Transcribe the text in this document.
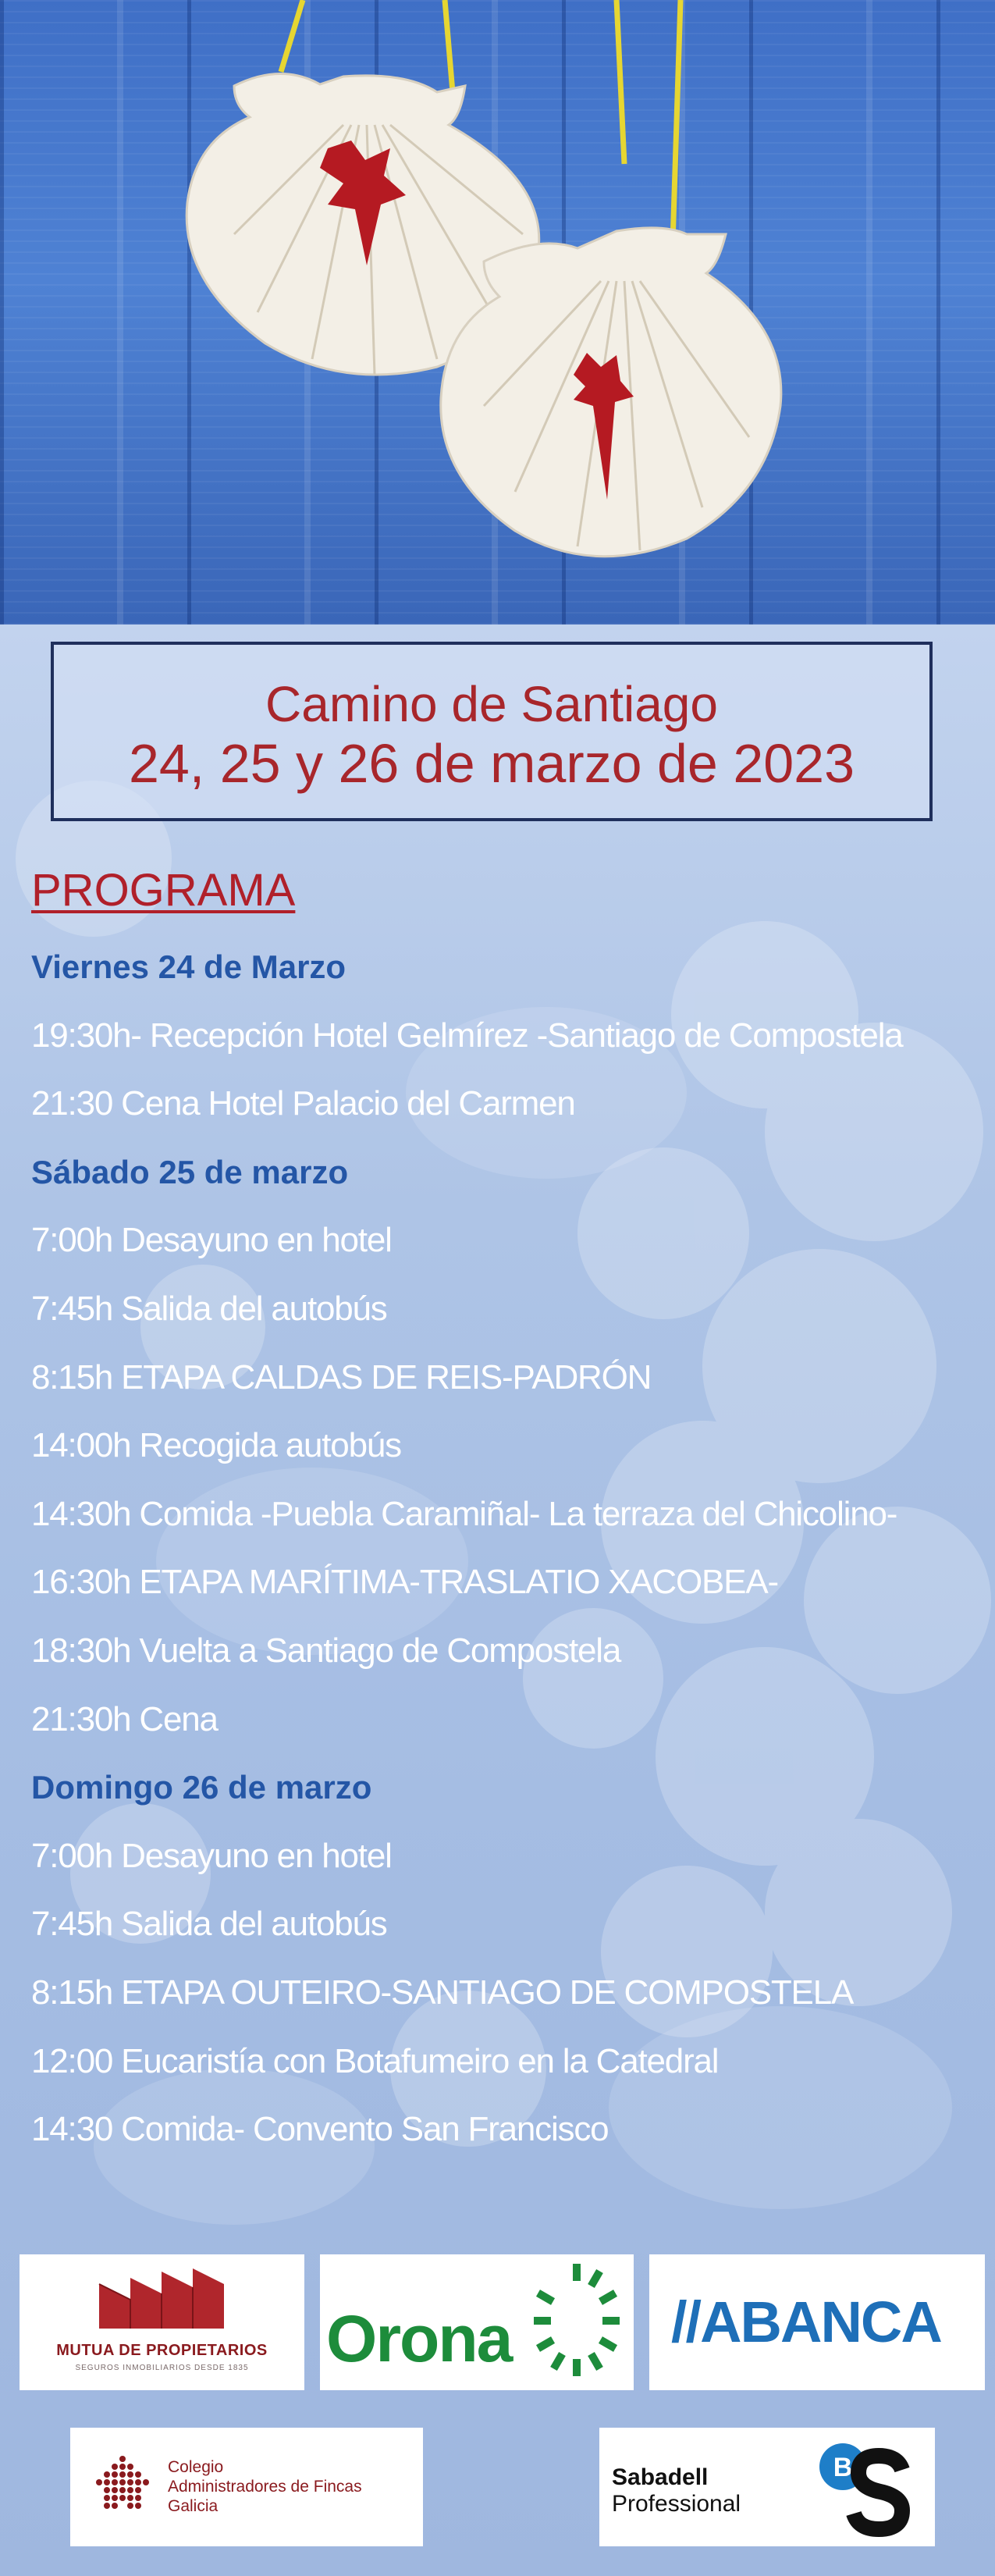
Camino de Santiago
24, 25 y 26 de marzo de 2023
PROGRAMA
Viernes 24 de Marzo
19:30h- Recepción Hotel Gelmírez -Santiago de Compostela
21:30 Cena Hotel Palacio del Carmen
Sábado 25 de marzo
7:00h Desayuno en hotel
7:45h Salida del autobús
8:15h ETAPA CALDAS DE REIS-PADRÓN
14:00h Recogida autobús
14:30h Comida -Puebla Caramiñal- La terraza del Chicolino-
16:30h ETAPA MARÍTIMA-TRASLATIO XACOBEA-
18:30h Vuelta a Santiago de Compostela
21:30h Cena
Domingo 26 de marzo
7:00h Desayuno en hotel
7:45h Salida del autobús
8:15h ETAPA OUTEIRO-SANTIAGO DE COMPOSTELA
12:00 Eucaristía con Botafumeiro en la Catedral
14:30 Comida- Convento San Francisco
MUTUA DE PROPIETARIOS
SEGUROS INMOBILIARIOS DESDE 1835	Orona	//ABANCA
Colegio
Administradores de Fincas
Galicia
Sabadell
Professional
B
